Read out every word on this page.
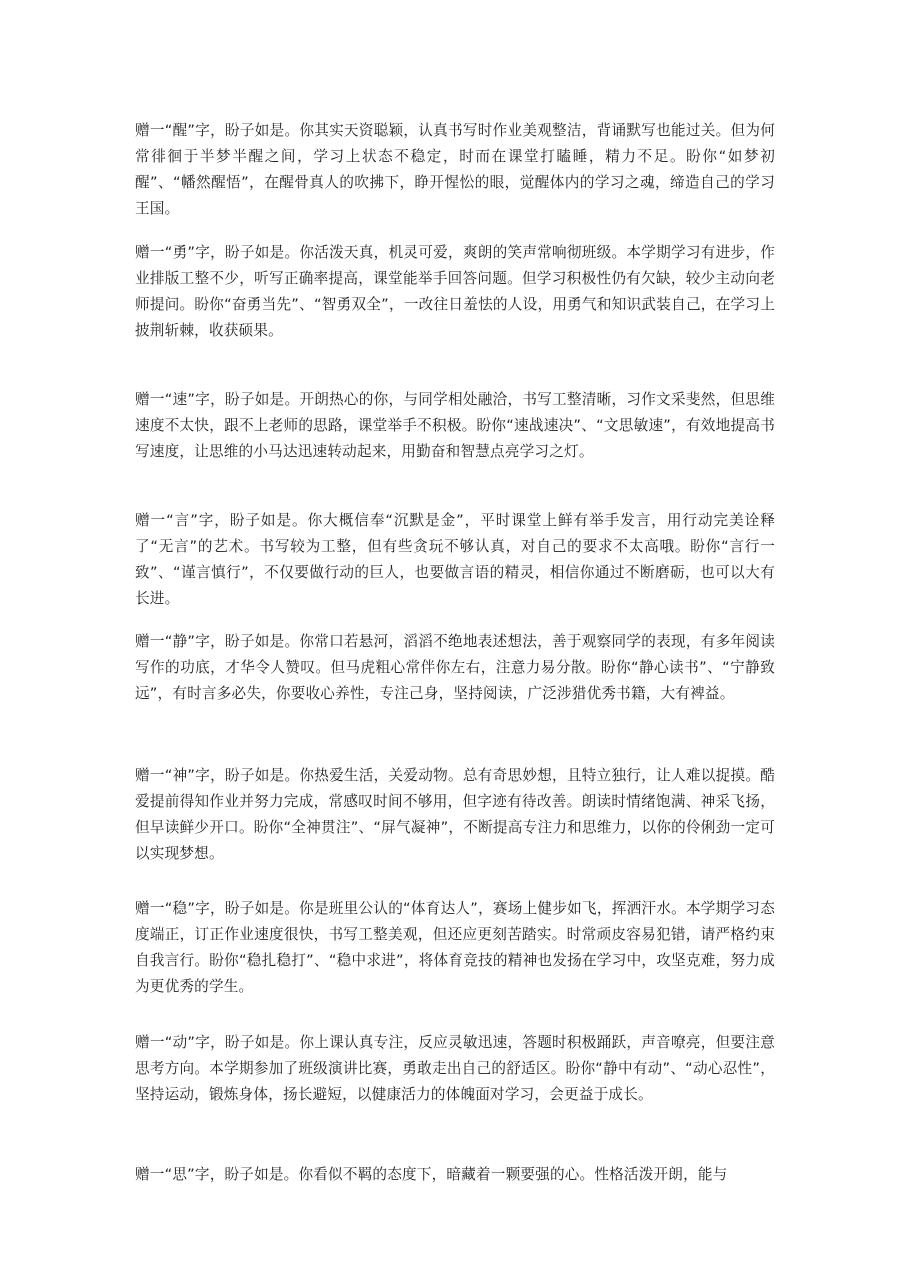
赠一“醒”字，盼子如是。你其实天资聪颖，认真书写时作业美观整洁，背诵默写也能过关。但为何常徘徊于半梦半醒之间，学习上状态不稳定，时而在课堂打瞌睡，精力不足。盼你“如梦初醒”、“幡然醒悟”，在醒骨真人的吹拂下，睁开惺忪的眼，觉醒体内的学习之魂，缔造自己的学习王国。

赠一“勇”字，盼子如是。你活泼天真，机灵可爱，爽朗的笑声常响彻班级。本学期学习有进步，作业排版工整不少，听写正确率提高，课堂能举手回答问题。但学习积极性仍有欠缺，较少主动向老师提问。盼你“奋勇当先”、“智勇双全”，一改往日羞怯的人设，用勇气和知识武装自己，在学习上披荆斩棘，收获硕果。

赠一“速”字，盼子如是。开朗热心的你，与同学相处融洽，书写工整清晰，习作文采斐然，但思维速度不太快，跟不上老师的思路，课堂举手不积极。盼你“速战速决”、“文思敏速”，有效地提高书写速度，让思维的小马达迅速转动起来，用勤奋和智慧点亮学习之灯。

赠一“言”字，盼子如是。你大概信奉“沉默是金”，平时课堂上鲜有举手发言，用行动完美诠释了“无言”的艺术。书写较为工整，但有些贪玩不够认真，对自己的要求不太高哦。盼你“言行一致”、“谨言慎行”，不仅要做行动的巨人，也要做言语的精灵，相信你通过不断磨砺，也可以大有长进。

赠一“静”字，盼子如是。你常口若悬河，滔滔不绝地表述想法，善于观察同学的表现，有多年阅读写作的功底，才华令人赞叹。但马虎粗心常伴你左右，注意力易分散。盼你“静心读书”、“宁静致远”，有时言多必失，你要收心养性，专注己身，坚持阅读，广泛涉猎优秀书籍，大有裨益。

赠一“神”字，盼子如是。你热爱生活，关爱动物。总有奇思妙想，且特立独行，让人难以捉摸。酷爱提前得知作业并努力完成，常感叹时间不够用，但字迹有待改善。朗读时情绪饱满、神采飞扬，但早读鲜少开口。盼你“全神贯注”、“屏气凝神”，不断提高专注力和思维力，以你的伶俐劲一定可以实现梦想。

赠一“稳”字，盼子如是。你是班里公认的“体育达人”，赛场上健步如飞，挥洒汗水。本学期学习态度端正，订正作业速度很快，书写工整美观，但还应更刻苦踏实。时常顽皮容易犯错，请严格约束自我言行。盼你“稳扎稳打”、“稳中求进”，将体育竞技的精神也发扬在学习中，攻坚克难，努力成为更优秀的学生。

赠一“动”字，盼子如是。你上课认真专注，反应灵敏迅速，答题时积极踊跃，声音嘹亮，但要注意思考方向。本学期参加了班级演讲比赛，勇敢走出自己的舒适区。盼你“静中有动”、“动心忍性”，坚持运动，锻炼身体，扬长避短，以健康活力的体魄面对学习，会更益于成长。

赠一“思”字，盼子如是。你看似不羁的态度下，暗藏着一颗要强的心。性格活泼开朗，能与
